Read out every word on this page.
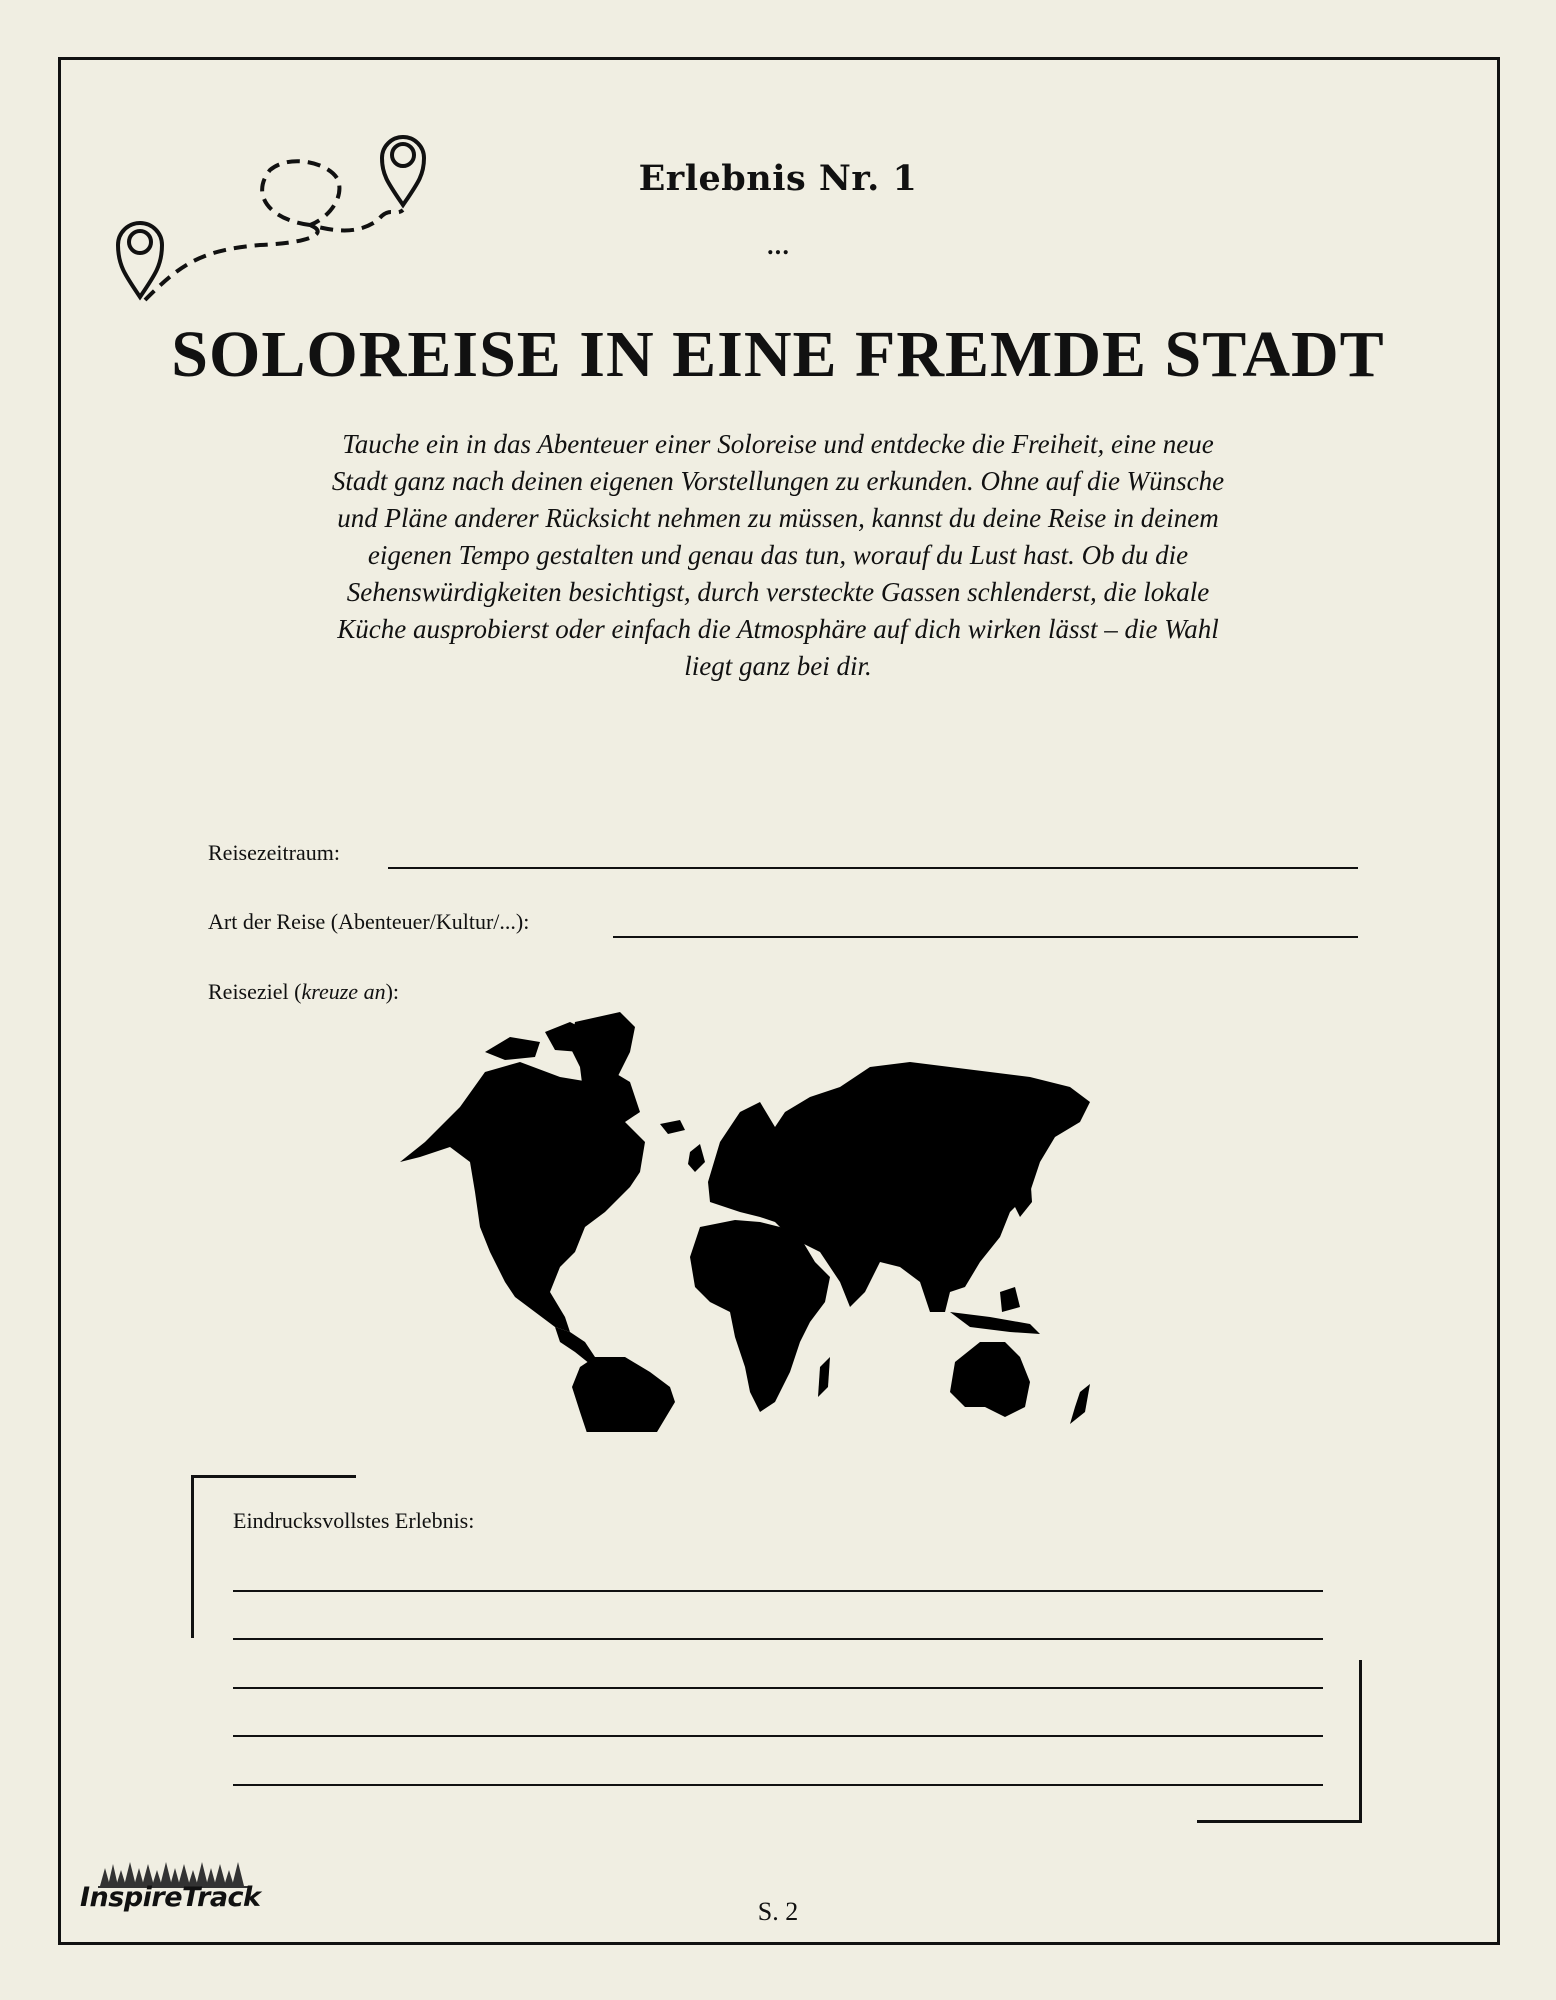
Erlebnis Nr. 1
...
SOLOREISE IN EINE FREMDE STADT
Tauche ein in das Abenteuer einer Soloreise und entdecke die Freiheit, eine neue
Stadt ganz nach deinen eigenen Vorstellungen zu erkunden. Ohne auf die Wünsche
und Pläne anderer Rücksicht nehmen zu müssen, kannst du deine Reise in deinem
eigenen Tempo gestalten und genau das tun, worauf du Lust hast. Ob du die
Sehenswürdigkeiten besichtigst, durch versteckte Gassen schlenderst, die lokale
Küche ausprobierst oder einfach die Atmosphäre auf dich wirken lässt – die Wahl
liegt ganz bei dir.
Reisezeitraum:
Art der Reise (Abenteuer/Kultur/...):
Reiseziel (kreuze an):
Eindrucksvollstes Erlebnis:
InspireTrack	S. 2
